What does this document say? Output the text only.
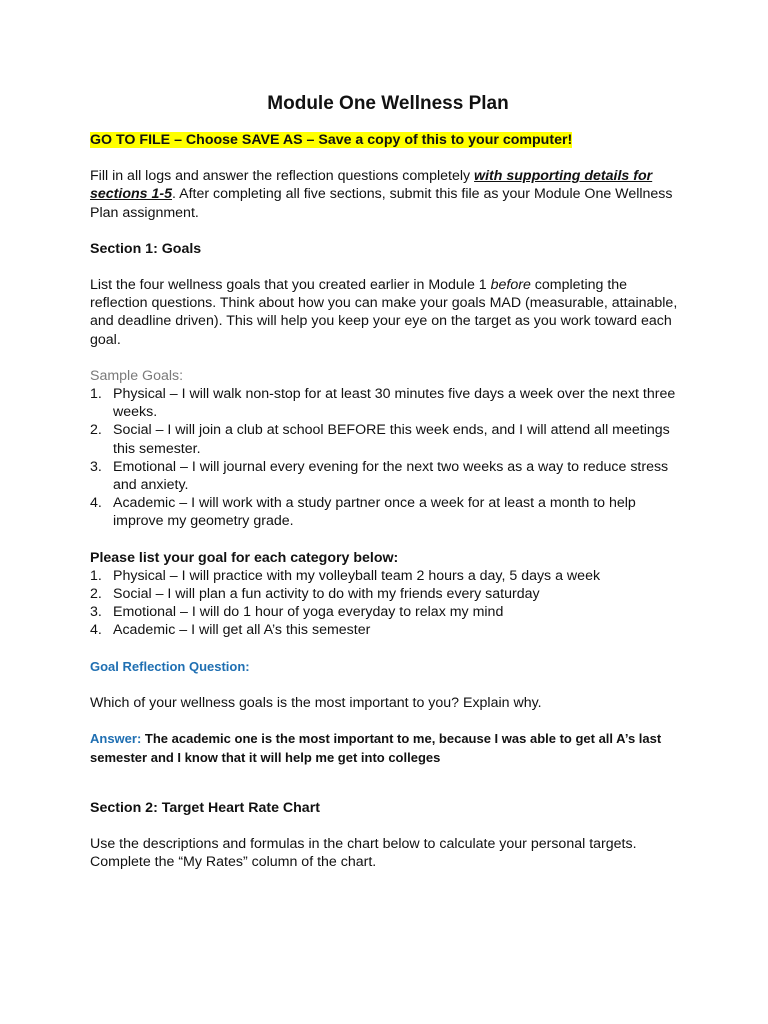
Module One Wellness Plan
GO TO FILE – Choose SAVE AS – Save a copy of this to your computer!

Fill in all logs and answer the reflection questions completely with supporting details for sections 1-5. After completing all five sections, submit this file as your Module One Wellness Plan assignment.

Section 1: Goals

List the four wellness goals that you created earlier in Module 1 before completing the reflection questions. Think about how you can make your goals MAD (measurable, attainable, and deadline driven). This will help you keep your eye on the target as you work toward each goal.

Sample Goals:
1. Physical – I will walk non-stop for at least 30 minutes five days a week over the next three weeks.
2. Social – I will join a club at school BEFORE this week ends, and I will attend all meetings this semester.
3. Emotional – I will journal every evening for the next two weeks as a way to reduce stress and anxiety.
4. Academic – I will work with a study partner once a week for at least a month to help improve my geometry grade.
Please list your goal for each category below:
1. Physical – I will practice with my volleyball team 2 hours a day, 5 days a week
2. Social – I will plan a fun activity to do with my friends every saturday
3. Emotional – I will do 1 hour of yoga everyday to relax my mind
4. Academic – I will get all A’s this semester
Goal Reflection Question:

Which of your wellness goals is the most important to you? Explain why.

Answer: The academic one is the most important to me, because I was able to get all A’s last semester and I know that it will help me get into colleges

Section 2: Target Heart Rate Chart

Use the descriptions and formulas in the chart below to calculate your personal targets. Complete the “My Rates” column of the chart.
